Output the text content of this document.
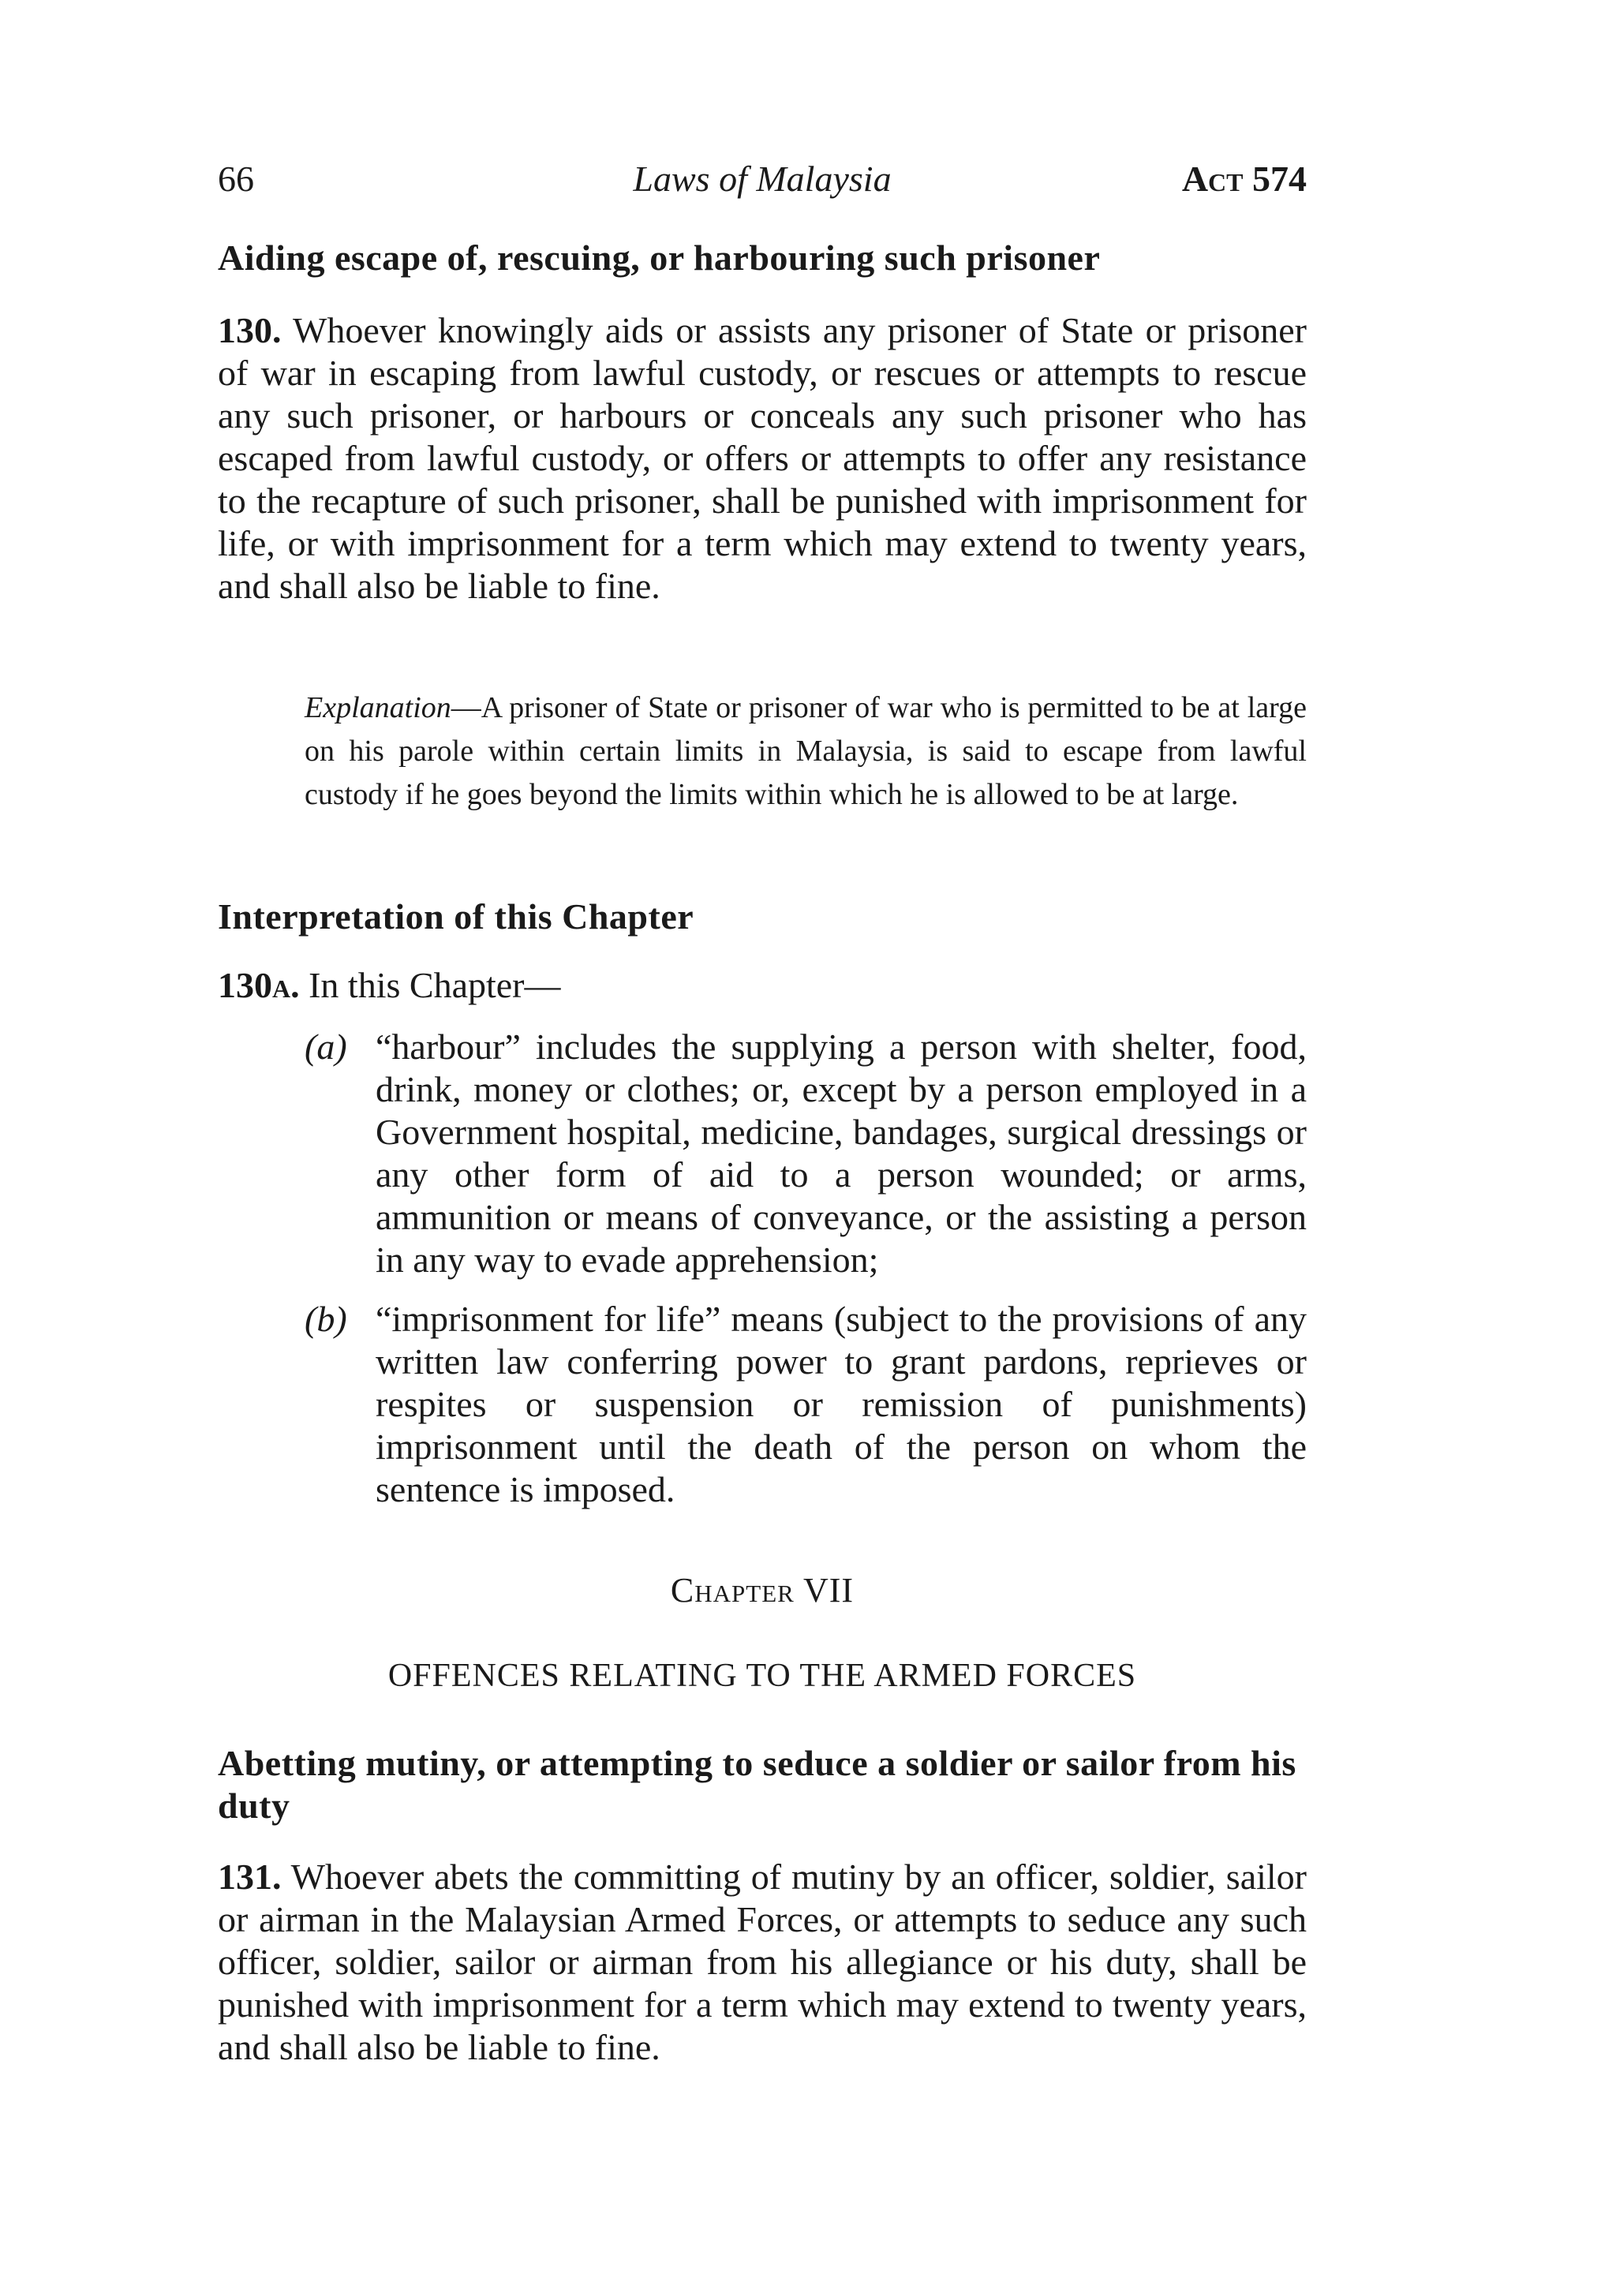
66	Laws of Malaysia	Act 574
Aiding escape of, rescuing, or harbouring such prisoner
130. Whoever knowingly aids or assists any prisoner of State or prisoner of war in escaping from lawful custody, or rescues or attempts to rescue any such prisoner, or harbours or conceals any such prisoner who has escaped from lawful custody, or offers or attempts to offer any resistance to the recapture of such prisoner, shall be punished with imprisonment for life, or with imprisonment for a term which may extend to twenty years, and shall also be liable to fine.
Explanation—A prisoner of State or prisoner of war who is permitted to be at large on his parole within certain limits in Malaysia, is said to escape from lawful custody if he goes beyond the limits within which he is allowed to be at large.
Interpretation of this Chapter
130a. In this Chapter—
(a) “harbour” includes the supplying a person with shelter, food, drink, money or clothes; or, except by a person employed in a Government hospital, medicine, bandages, surgical dressings or any other form of aid to a person wounded; or arms, ammunition or means of conveyance, or the assisting a person in any way to evade apprehension;
(b) “imprisonment for life” means (subject to the provisions of any written law conferring power to grant pardons, reprieves or respites or suspension or remission of punishments) imprisonment until the death of the person on whom the sentence is imposed.
Chapter VII
OFFENCES RELATING TO THE ARMED FORCES
Abetting mutiny, or attempting to seduce a soldier or sailor from his duty
131. Whoever abets the committing of mutiny by an officer, soldier, sailor or airman in the Malaysian Armed Forces, or attempts to seduce any such officer, soldier, sailor or airman from his allegiance or his duty, shall be punished with imprisonment for a term which may extend to twenty years, and shall also be liable to fine.
